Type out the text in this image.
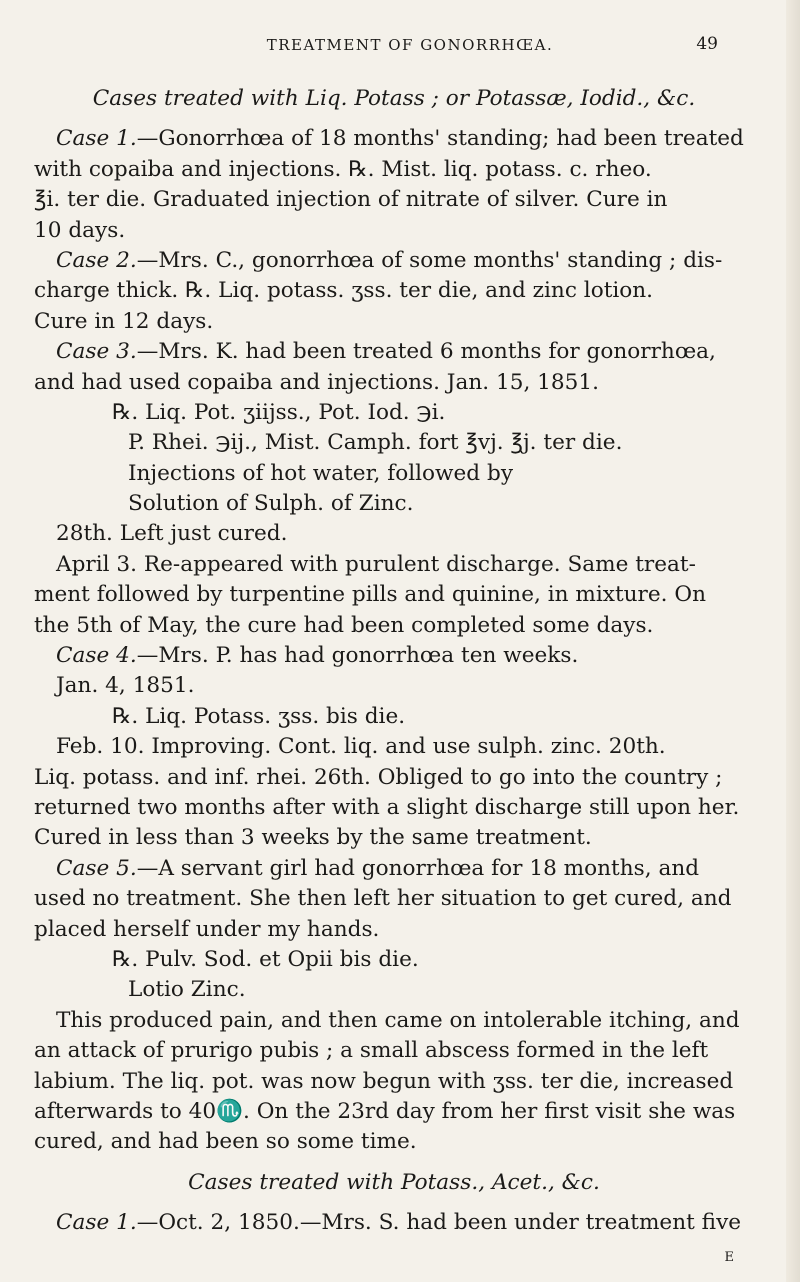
TREATMENT OF GONORRHŒA.	49
Cases treated with Liq. Potass ; or Potassæ, Iodid., &c.
Case 1.—Gonorrhœa of 18 months' standing; had been treated
with copaiba and injections. ℞. Mist. liq. potass. c. rheo.
℥i. ter die. Graduated injection of nitrate of silver. Cure in
10 days.
Case 2.—Mrs. C., gonorrhœa of some months' standing ; dis-
charge thick. ℞. Liq. potass. ʒss. ter die, and zinc lotion.
Cure in 12 days.
Case 3.—Mrs. K. had been treated 6 months for gonorrhœa,
and had used copaiba and injections. Jan. 15, 1851.
℞. Liq. Pot. ʒiijss., Pot. Iod. ℈i.
P. Rhei. ℈ij., Mist. Camph. fort ℥vj. ℥j. ter die.
Injections of hot water, followed by
Solution of Sulph. of Zinc.
28th. Left just cured.
April 3. Re-appeared with purulent discharge. Same treat-
ment followed by turpentine pills and quinine, in mixture. On
the 5th of May, the cure had been completed some days.
Case 4.—Mrs. P. has had gonorrhœa ten weeks.
Jan. 4, 1851.
℞. Liq. Potass. ʒss. bis die.
Feb. 10. Improving. Cont. liq. and use sulph. zinc. 20th.
Liq. potass. and inf. rhei. 26th. Obliged to go into the country ;
returned two months after with a slight discharge still upon her.
Cured in less than 3 weeks by the same treatment.
Case 5.—A servant girl had gonorrhœa for 18 months, and
used no treatment. She then left her situation to get cured, and
placed herself under my hands.
℞. Pulv. Sod. et Opii bis die.
Lotio Zinc.
This produced pain, and then came on intolerable itching, and
an attack of prurigo pubis ; a small abscess formed in the left
labium. The liq. pot. was now begun with ʒss. ter die, increased
afterwards to 40♏. On the 23rd day from her first visit she was
cured, and had been so some time.
Cases treated with Potass., Acet., &c.
Case 1.—Oct. 2, 1850.—Mrs. S. had been under treatment five
E
